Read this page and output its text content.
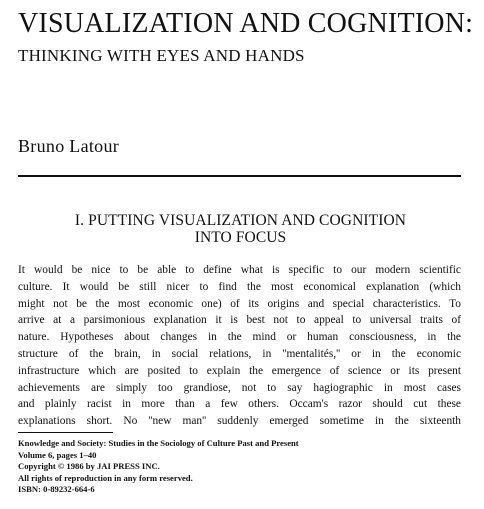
VISUALIZATION AND COGNITION:
THINKING WITH EYES AND HANDS
Bruno Latour
I. PUTTING VISUALIZATION AND COGNITION
INTO FOCUS
It would be nice to be able to define what is specific to our modern scientific
culture. It would be still nicer to find the most economical explanation (which
might not be the most economic one) of its origins and special characteristics. To
arrive at a parsimonious explanation it is best not to appeal to universal traits of
nature. Hypotheses about changes in the mind or human consciousness, in the
structure of the brain, in social relations, in ''mentalités,'' or in the economic
infrastructure which are posited to explain the emergence of science or its present
achievements are simply too grandiose, not to say hagiographic in most cases
and plainly racist in more than a few others. Occam's razor should cut these
explanations short. No ''new man'' suddenly emerged sometime in the sixteenth
Knowledge and Society: Studies in the Sociology of Culture Past and Present
Volume 6, pages 1–40
Copyright © 1986 by JAI PRESS INC.
All rights of reproduction in any form reserved.
ISBN: 0-89232-664-6
